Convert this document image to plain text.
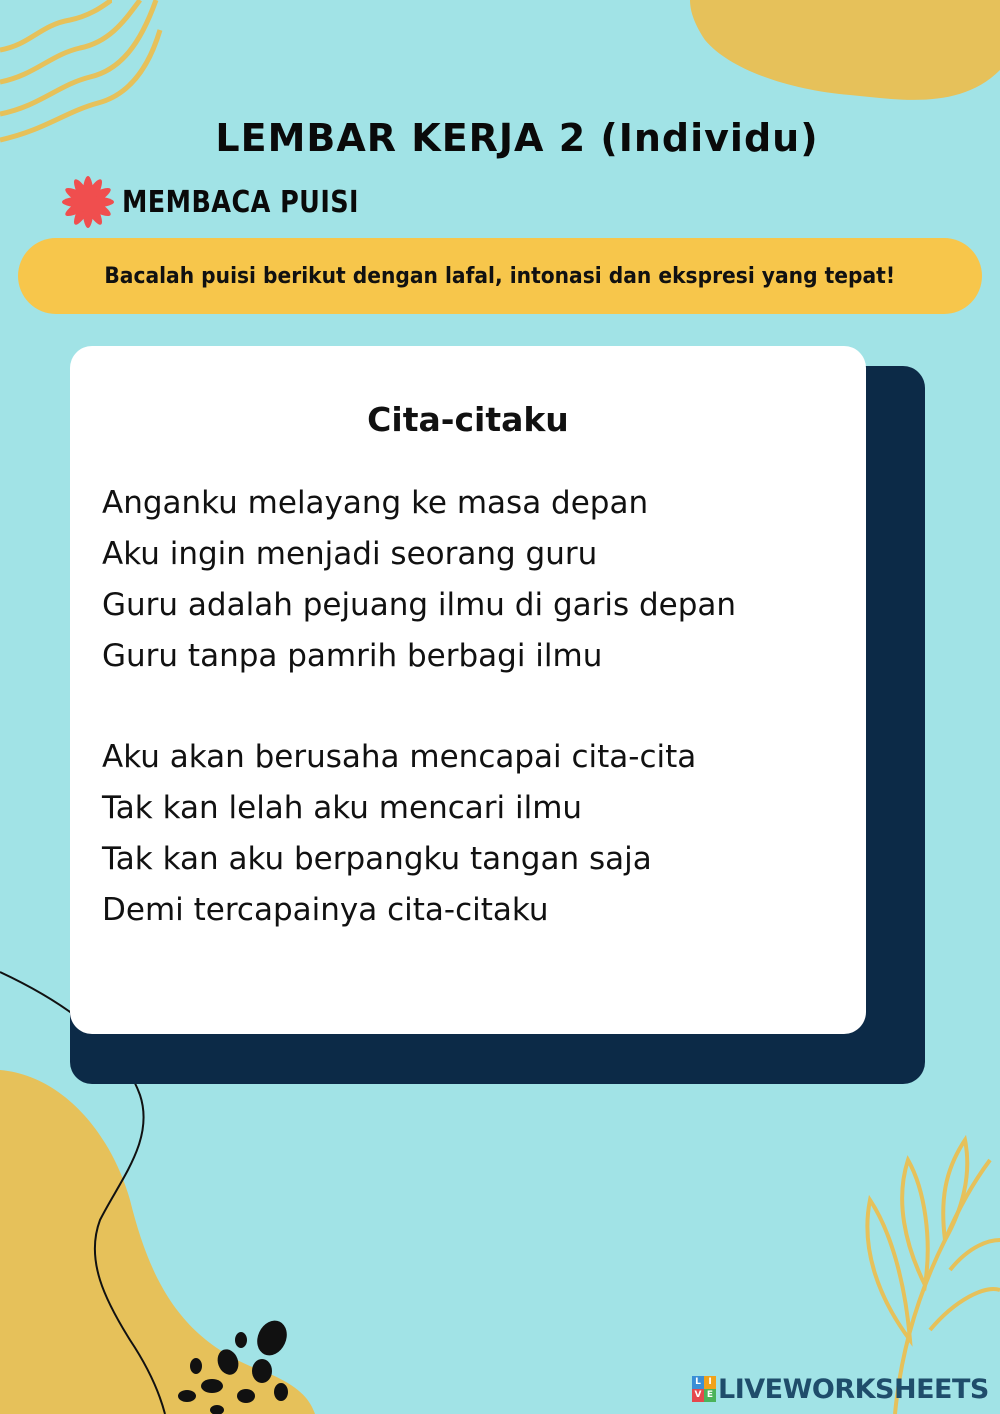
LEMBAR KERJA 2 (Individu)
MEMBACA PUISI
Bacalah puisi berikut dengan lafal, intonasi dan ekspresi yang tepat!
Cita-citaku
Anganku melayang ke masa depan
Aku ingin menjadi seorang guru
Guru adalah pejuang ilmu di garis depan
Guru tanpa pamrih berbagi ilmu
Aku akan berusaha mencapai cita-cita
Tak kan lelah aku mencari ilmu
Tak kan aku berpangku tangan saja
Demi tercapainya cita-citaku
L I
V E LIVEWORKSHEETS
